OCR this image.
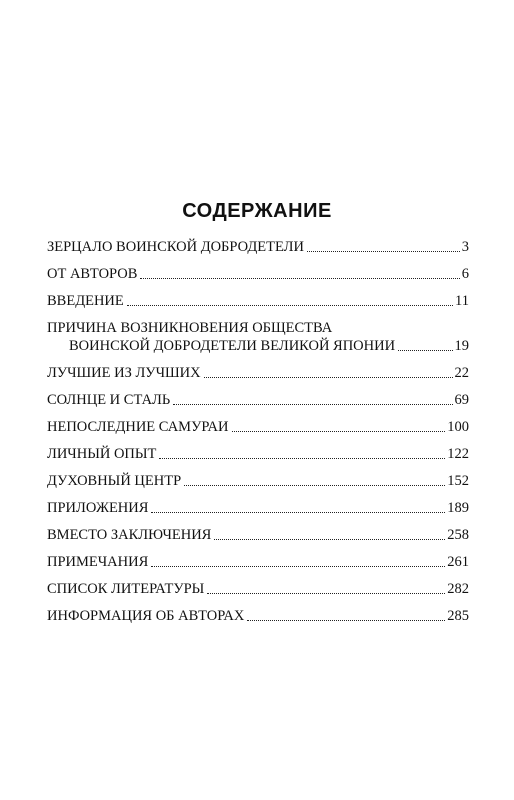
СОДЕРЖАНИЕ
ЗЕРЦАЛО ВОИНСКОЙ ДОБРОДЕТЕЛИ	3
ОТ АВТОРОВ	6
ВВЕДЕНИЕ	11
ПРИЧИНА ВОЗНИКНОВЕНИЯ ОБЩЕСТВА
ВОИНСКОЙ ДОБРОДЕТЕЛИ ВЕЛИКОЙ ЯПОНИИ	19
ЛУЧШИЕ ИЗ ЛУЧШИХ	22
СОЛНЦЕ И СТАЛЬ	69
НЕПОСЛЕДНИЕ САМУРАИ	100
ЛИЧНЫЙ ОПЫТ	122
ДУХОВНЫЙ ЦЕНТР	152
ПРИЛОЖЕНИЯ	189
ВМЕСТО ЗАКЛЮЧЕНИЯ	258
ПРИМЕЧАНИЯ	261
СПИСОК ЛИТЕРАТУРЫ	282
ИНФОРМАЦИЯ ОБ АВТОРАХ	285
